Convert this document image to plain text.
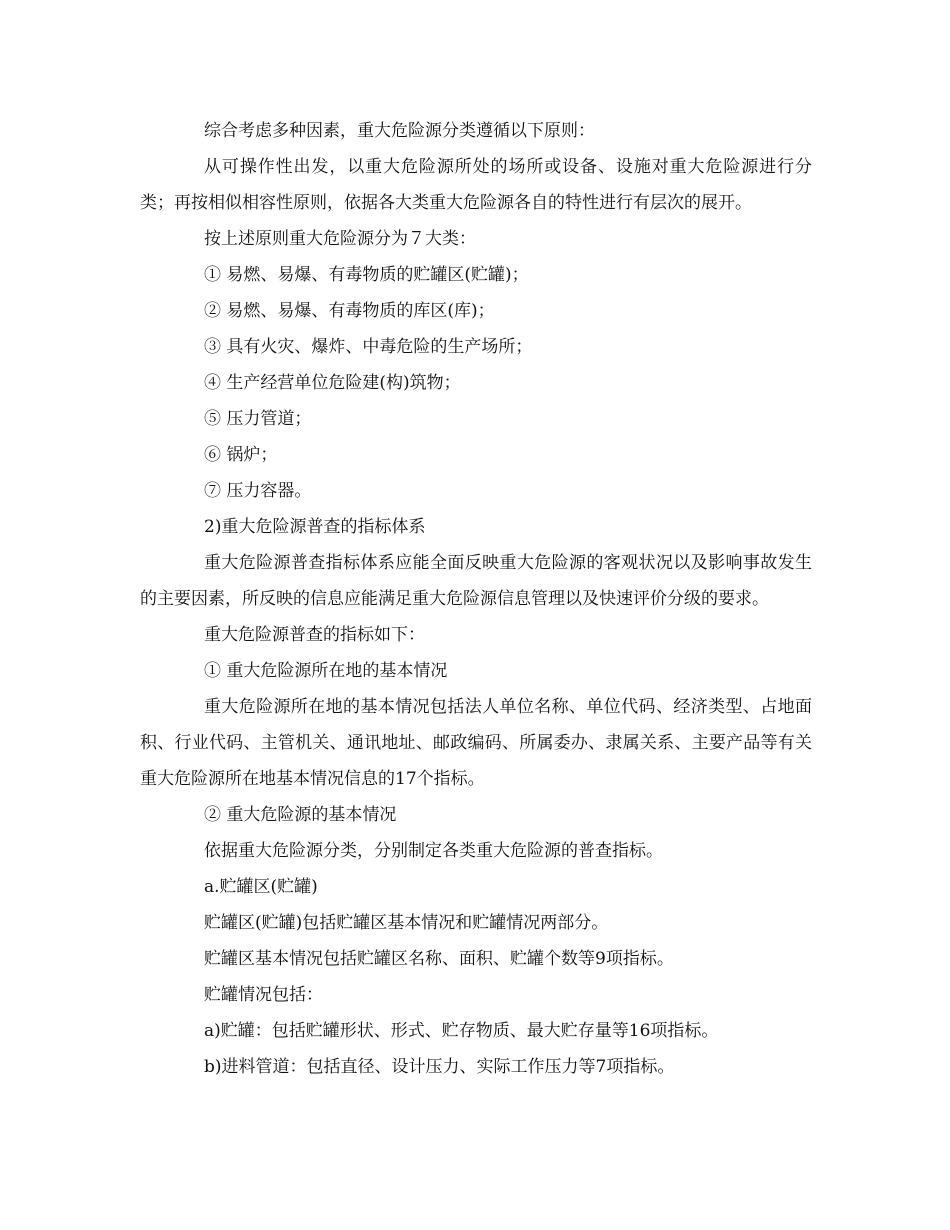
综合考虑多种因素，重大危险源分类遵循以下原则：

从可操作性出发，以重大危险源所处的场所或设备、设施对重大危险源进行分类；再按相似相容性原则，依据各大类重大危险源各自的特性进行有层次的展开。

按上述原则重大危险源分为７大类：

① 易燃、易爆、有毒物质的贮罐区(贮罐)；

② 易燃、易爆、有毒物质的库区(库)；

③ 具有火灾、爆炸、中毒危险的生产场所；

④ 生产经营单位危险建(构)筑物；

⑤ 压力管道；

⑥ 锅炉；

⑦ 压力容器。

2)重大危险源普查的指标体系

重大危险源普查指标体系应能全面反映重大危险源的客观状况以及影响事故发生的主要因素，所反映的信息应能满足重大危险源信息管理以及快速评价分级的要求。

重大危险源普查的指标如下：

① 重大危险源所在地的基本情况

重大危险源所在地的基本情况包括法人单位名称、单位代码、经济类型、占地面积、行业代码、主管机关、通讯地址、邮政编码、所属委办、隶属关系、主要产品等有关重大危险源所在地基本情况信息的17个指标。

② 重大危险源的基本情况

依据重大危险源分类，分别制定各类重大危险源的普查指标。

a.贮罐区(贮罐)

贮罐区(贮罐)包括贮罐区基本情况和贮罐情况两部分。

贮罐区基本情况包括贮罐区名称、面积、贮罐个数等9项指标。

贮罐情况包括：

a)贮罐：包括贮罐形状、形式、贮存物质、最大贮存量等16项指标。

b)进料管道：包括直径、设计压力、实际工作压力等7项指标。
